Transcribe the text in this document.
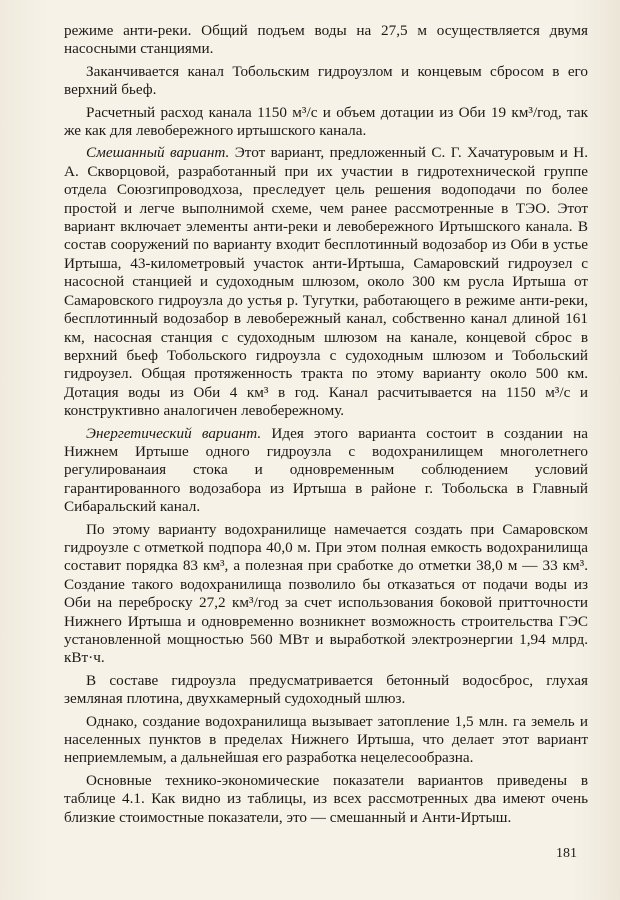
режиме анти-реки. Общий подъем воды на 27,5 м осуществляется двумя насосными станциями.

Заканчивается канал Тобольским гидроузлом и концевым сбросом в его верхний бьеф.

Расчетный расход канала 1150 м³/с и объем дотации из Оби 19 км³/год, так же как для левобережного иртышского канала.

Смешанный вариант. Этот вариант, предложенный С. Г. Хачатуровым и Н. А. Скворцовой, разработанный при их участии в гидротехнической группе отдела Союзгипроводхоза, преследует цель решения водоподачи по более простой и легче выполнимой схеме, чем ранее рассмотренные в ТЭО. Этот вариант включает элементы анти-реки и левобережного Иртышского канала. В состав сооружений по варианту входит бесплотинный водозабор из Оби в устье Иртыша, 43-километровый участок анти-Иртыша, Самаровский гидроузел с насосной станцией и судоходным шлюзом, около 300 км русла Иртыша от Самаровского гидроузла до устья р. Тугутки, работающего в режиме анти-реки, бесплотинный водозабор в левобережный канал, собственно канал длиной 161 км, насосная станция с судоходным шлюзом на канале, концевой сброс в верхний бьеф Тобольского гидроузла с судоходным шлюзом и Тобольский гидроузел. Общая протяженность тракта по этому варианту около 500 км. Дотация воды из Оби 4 км³ в год. Канал расчитывается на 1150 м³/с и конструктивно аналогичен левобережному.

Энергетический вариант. Идея этого варианта состоит в создании на Нижнем Иртыше одного гидроузла с водохранилищем многолетнего регулированаия стока и одновременным соблюдением условий гарантированного водозабора из Иртыша в районе г. Тобольска в Главный Сибаральский канал.

По этому варианту водохранилище намечается создать при Самаровском гидроузле с отметкой подпора 40,0 м. При этом полная емкость водохранилища составит порядка 83 км³, а полезная при сработке до отметки 38,0 м — 33 км³. Создание такого водохранилища позволило бы отказаться от подачи воды из Оби на переброску 27,2 км³/год за счет использования боковой притточности Нижнего Иртыша и одновременно возникнет возможность строительства ГЭС установленной мощностью 560 МВт и выработкой электроэнергии 1,94 млрд. кВт·ч.

В составе гидроузла предусматривается бетонный водосброс, глухая земляная плотина, двухкамерный судоходный шлюз.

Однако, создание водохранилища вызывает затопление 1,5 млн. га земель и населенных пунктов в пределах Нижнего Иртыша, что делает этот вариант неприемлемым, а дальнейшая его разработка нецелесообразна.

Основные технико-экономические показатели вариантов приведены в таблице 4.1. Как видно из таблицы, из всех рассмотренных два имеют очень близкие стоимостные показатели, это — смешанный и Анти-Иртыш.

181
